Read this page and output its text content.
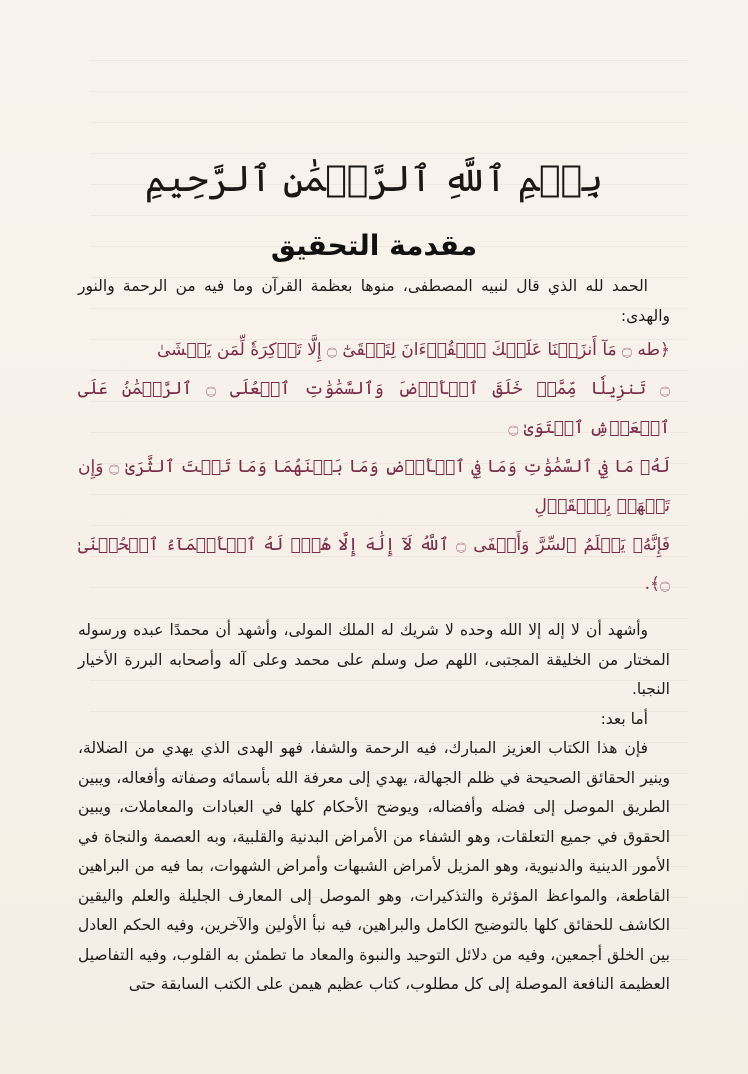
بِسۡمِ ٱللَّهِ ٱلرَّحۡمَٰنِ ٱلرَّحِيمِ
مقدمة التحقيق

الحمد لله الذي قال لنبيه المصطفى، منوها بعظمة القرآن وما فيه من الرحمة والنور والهدى:

﴿طه ۝ مَآ أَنزَلۡنَا عَلَيۡكَ ٱلۡقُرۡءَانَ لِتَشۡقَىٰٓ ۝ إِلَّا تَذۡكِرَةٗ لِّمَن يَخۡشَىٰ
۝ تَنزِيلٗا مِّمَّنۡ خَلَقَ ٱلۡأَرۡضَ وَٱلسَّمَٰوَٰتِ ٱلۡعُلَى ۝ ٱلرَّحۡمَٰنُ عَلَى ٱلۡعَرۡشِ ٱسۡتَوَىٰ ۝
لَهُۥ مَا فِي ٱلسَّمَٰوَٰتِ وَمَا فِي ٱلۡأَرۡضِ وَمَا بَيۡنَهُمَا وَمَا تَحۡتَ ٱلثَّرَىٰ ۝ وَإِن تَجۡهَرۡ بِٱلۡقَوۡلِ
فَإِنَّهُۥ يَعۡلَمُ ٱلسِّرَّ وَأَخۡفَى ۝ ٱللَّهُ لَآ إِلَٰهَ إِلَّا هُوَۖ لَهُ ٱلۡأَسۡمَآءُ ٱلۡحُسۡنَىٰ ۝﴾.

وأشهد أن لا إله إلا الله وحده لا شريك له الملك المولى، وأشهد أن محمدًا عبده ورسوله المختار من الخليقة المجتبى، اللهم صل وسلم على محمد وعلى آله وأصحابه البررة الأخيار النجبا.

أما بعد:

فإن هذا الكتاب العزيز المبارك، فيه الرحمة والشفا، فهو الهدى الذي يهدي من الضلالة، وينير الحقائق الصحيحة في ظلم الجهالة، يهدي إلى معرفة الله بأسمائه وصفاته وأفعاله، ويبين الطريق الموصل إلى فضله وأفضاله، ويوضح الأحكام كلها في العبادات والمعاملات، ويبين الحقوق في جميع التعلقات، وهو الشفاء من الأمراض البدنية والقلبية، وبه العصمة والنجاة في الأمور الدينية والدنيوية، وهو المزيل لأمراض الشبهات وأمراض الشهوات، بما فيه من البراهين القاطعة، والمواعظ المؤثرة والتذكيرات، وهو الموصل إلى المعارف الجليلة والعلم واليقين الكاشف للحقائق كلها بالتوضيح الكامل والبراهين، فيه نبأ الأولين والآخرين، وفيه الحكم العادل بين الخلق أجمعين، وفيه من دلائل التوحيد والنبوة والمعاد ما تطمئن به القلوب، وفيه التفاصيل العظيمة النافعة الموصلة إلى كل مطلوب، كتاب عظيم هيمن على الكتب السابقة حتى
